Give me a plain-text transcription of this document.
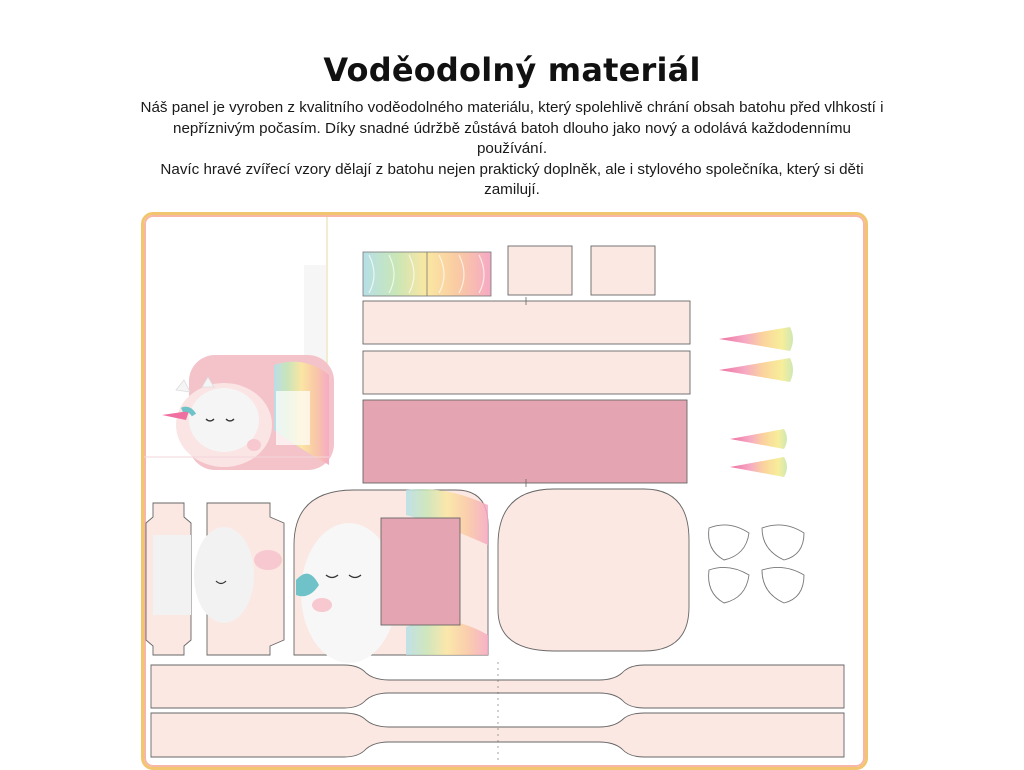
Voděodolný materiál

Náš panel je vyroben z kvalitního voděodolného materiálu, který spolehlivě chrání obsah batohu před vlhkostí i nepříznivým počasím. Díky snadné údržbě zůstává batoh dlouho jako nový a odolává každodennímu používání.

Navíc hravé zvířecí vzory dělají z batohu nejen praktický doplněk, ale i stylového společníka, který si děti zamilují.
